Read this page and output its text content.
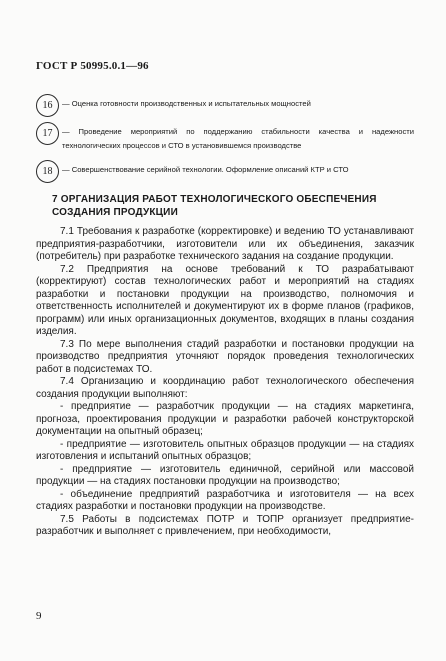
ГОСТ Р 50995.0.1—96
16	— Оценка готовности производственных и испытательных мощностей
17	— Проведение мероприятий по поддержанию стабильности качества и надежности технологических процессов и СТО в установившемся производстве
18	— Совершенствование серийной технологии. Оформление описаний КТР и СТО
7 ОРГАНИЗАЦИЯ РАБОТ ТЕХНОЛОГИЧЕСКОГО ОБЕСПЕЧЕНИЯ СОЗДАНИЯ ПРОДУКЦИИ

7.1 Требования к разработке (корректировке) и ведению ТО устанавливают предприятия-разработчики, изготовители или их объединения, заказчик (потребитель) при разработке технического задания на создание продукции.

7.2 Предприятия на основе требований к ТО разрабатывают (корректируют) состав технологических работ и мероприятий на стадиях разработки и постановки продукции на производство, полномочия и ответственность исполнителей и документируют их в форме планов (графиков, программ) или иных организационных документов, входящих в планы создания изделия.

7.3 По мере выполнения стадий разработки и постановки продукции на производство предприятия уточняют порядок проведения технологических работ в подсистемах ТО.

7.4 Организацию и координацию работ технологического обеспечения создания продукции выполняют:

- предприятие — разработчик продукции — на стадиях маркетинга, прогноза, проектирования продукции и разработки рабочей конструкторской документации на опытный образец;

- предприятие — изготовитель опытных образцов продукции — на стадиях изготовления и испытаний опытных образцов;

- предприятие — изготовитель единичной, серийной или массовой продукции — на стадиях постановки продукции на производство;

- объединение предприятий разработчика и изготовителя — на всех стадиях разработки и постановки продукции на производстве.

7.5 Работы в подсистемах ПОТР и ТОПР организует предприятие-разработчик и выполняет с привлечением, при необходимости,

9
